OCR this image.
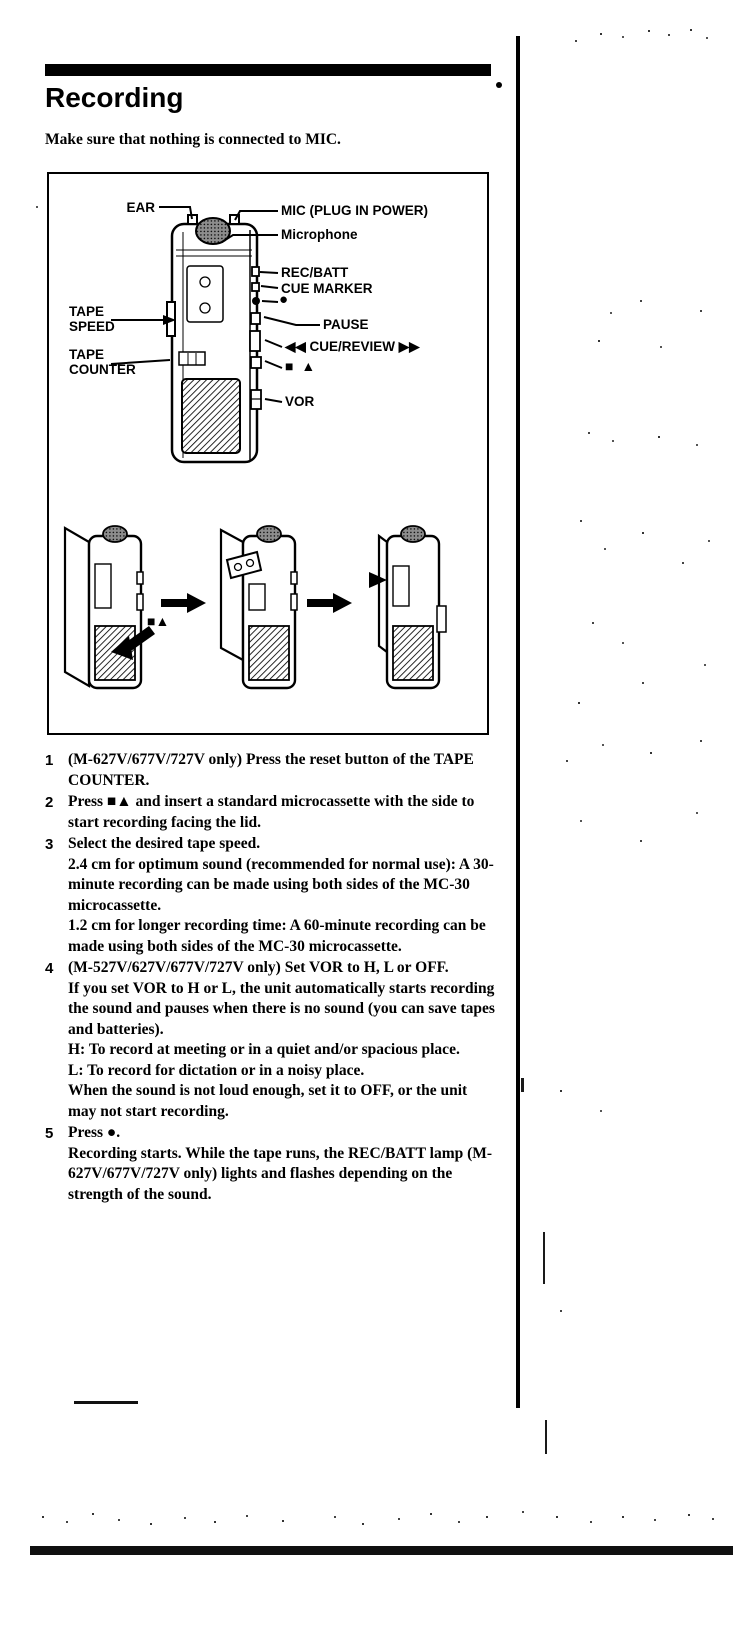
Recording

Make sure that nothing is connected to MIC.

EAR	MIC (PLUG IN POWER)
Microphone
REC/BATT
CUE MARKER
●
PAUSE
◀◀ CUE/REVIEW ▶▶
■ ▲
VOR
TAPE
SPEED
TAPE
COUNTER
■▲
1 (M-627V/677V/727V only) Press the reset button of the TAPE COUNTER.
2 Press ■▲ and insert a standard microcassette with the side to start recording facing the lid.
3 Select the desired tape speed.
2.4 cm for optimum sound (recommended for normal use): A 30-minute recording can be made using both sides of the MC-30 microcassette.
1.2 cm for longer recording time: A 60-minute recording can be made using both sides of the MC-30 microcassette.
4 (M-527V/627V/677V/727V only) Set VOR to H, L or OFF.
If you set VOR to H or L, the unit automatically starts recording the sound and pauses when there is no sound (you can save tapes and batteries).
H: To record at meeting or in a quiet and/or spacious place.
L: To record for dictation or in a noisy place.
When the sound is not loud enough, set it to OFF, or the unit may not start recording.
5 Press ●.
Recording starts. While the tape runs, the REC/BATT lamp (M-627V/677V/727V only) lights and flashes depending on the strength of the sound.
